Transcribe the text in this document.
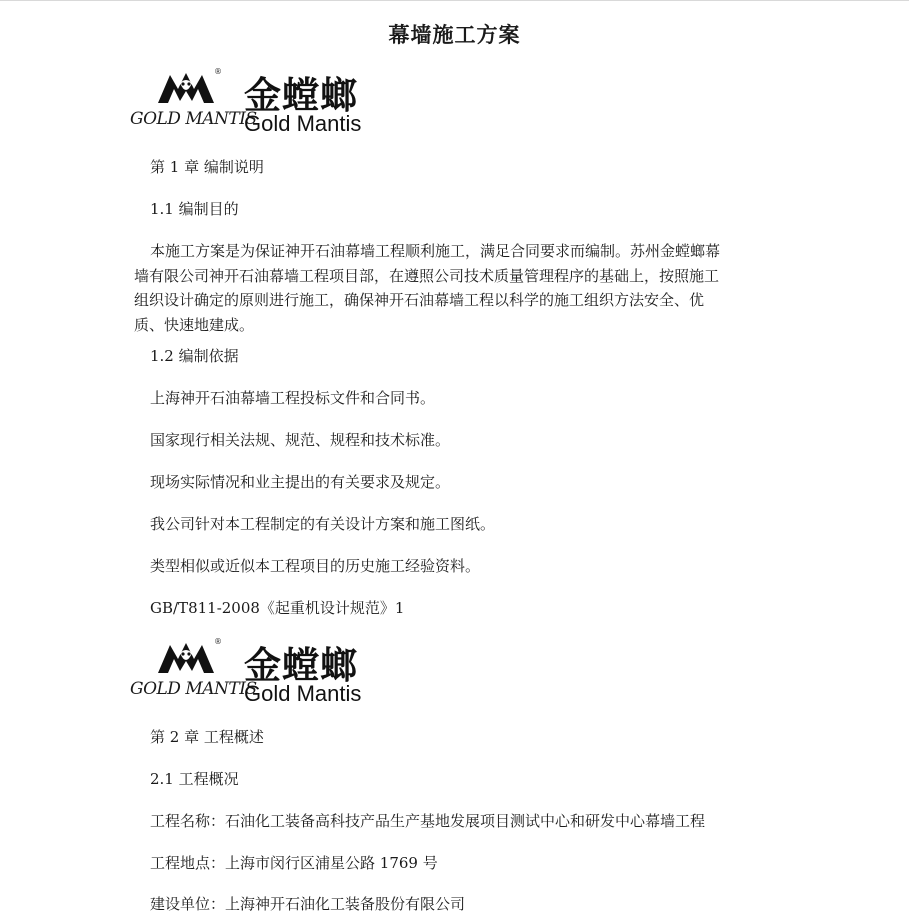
幕墙施工方案
®
GOLD MANTIS
金螳螂
Gold Mantis
第 1 章 编制说明
1.1 编制目的
本施工方案是为保证神开石油幕墙工程顺利施工，满足合同要求而编制。苏州金螳螂幕
墙有限公司神开石油幕墙工程项目部，在遵照公司技术质量管理程序的基础上，按照施工
组织设计确定的原则进行施工，确保神开石油幕墙工程以科学的施工组织方法安全、优
质、快速地建成。
1.2 编制依据
上海神开石油幕墙工程投标文件和合同书。
国家现行相关法规、规范、规程和技术标准。
现场实际情况和业主提出的有关要求及规定。
我公司针对本工程制定的有关设计方案和施工图纸。
类型相似或近似本工程项目的历史施工经验资料。
GB/T811-2008《起重机设计规范》1
®
GOLD MANTIS
金螳螂
Gold Mantis
第 2 章 工程概述
2.1 工程概况
工程名称：石油化工装备高科技产品生产基地发展项目测试中心和研发中心幕墙工程
工程地点：上海市闵行区浦星公路 1769 号
建设单位：上海神开石油化工装备股份有限公司
